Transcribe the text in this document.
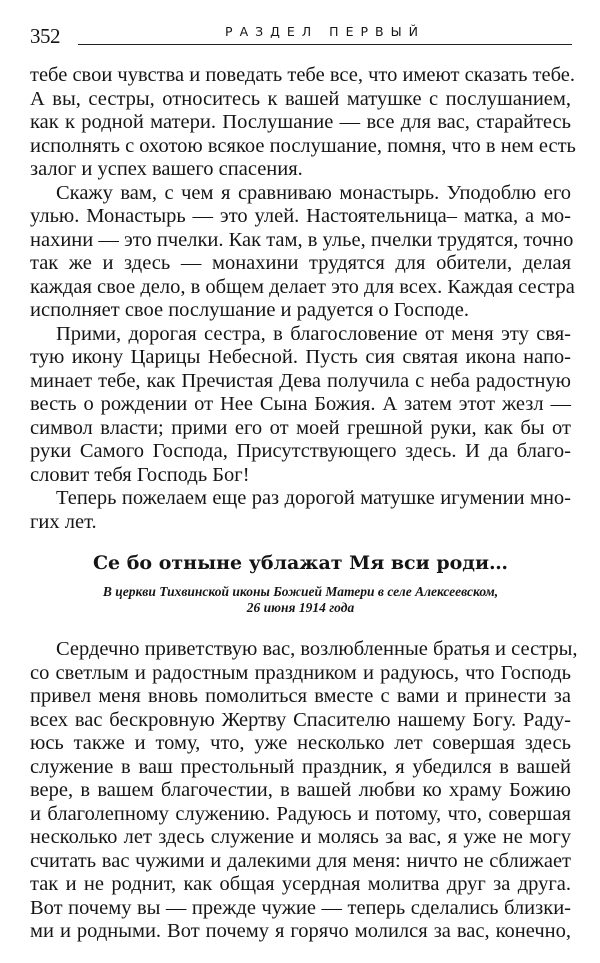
352	РАЗДЕЛ ПЕРВЫЙ
тебе свои чувства и поведать тебе все, что имеют сказать тебе.
А вы, сестры, относитесь к вашей матушке с послушанием,
как к родной матери. Послушание — все для вас, старайтесь
исполнять с охотою всякое послушание, помня, что в нем есть
залог и успех вашего спасения.
Скажу вам, с чем я сравниваю монастырь. Уподоблю его
улью. Монастырь — это улей. Настоятельница– матка, а мо-
нахини — это пчелки. Как там, в улье, пчелки трудятся, точно
так же и здесь — монахини трудятся для обители, делая
каждая свое дело, в общем делает это для всех. Каждая сестра
исполняет свое послушание и радуется о Господе.
Прими, дорогая сестра, в благословение от меня эту свя-
тую икону Царицы Небесной. Пусть сия святая икона напо-
минает тебе, как Пречистая Дева получила с неба радостную
весть о рождении от Нее Сына Божия. А затем этот жезл —
символ власти; прими его от моей грешной руки, как бы от
руки Самого Господа, Присутствующего здесь. И да благо-
словит тебя Господь Бог!
Теперь пожелаем еще раз дорогой матушке игумении мно-
гих лет.
Се бо отныне ублажат Мя вси роди…
В церкви Тихвинской иконы Божией Матери в селе Алексеевском,
26 июня 1914 года
Сердечно приветствую вас, возлюбленные братья и сестры,
со светлым и радостным праздником и радуюсь, что Господь
привел меня вновь помолиться вместе с вами и принести за
всех вас бескровную Жертву Спасителю нашему Богу. Раду-
юсь также и тому, что, уже несколько лет совершая здесь
служение в ваш престольный праздник, я убедился в вашей
вере, в вашем благочестии, в вашей любви ко храму Божию
и благолепному служению. Радуюсь и потому, что, совершая
несколько лет здесь служение и молясь за вас, я уже не могу
считать вас чужими и далекими для меня: ничто не сближает
так и не роднит, как общая усердная молитва друг за друга.
Вот почему вы — прежде чужие — теперь сделались близки-
ми и родными. Вот почему я горячо молился за вас, конечно,
